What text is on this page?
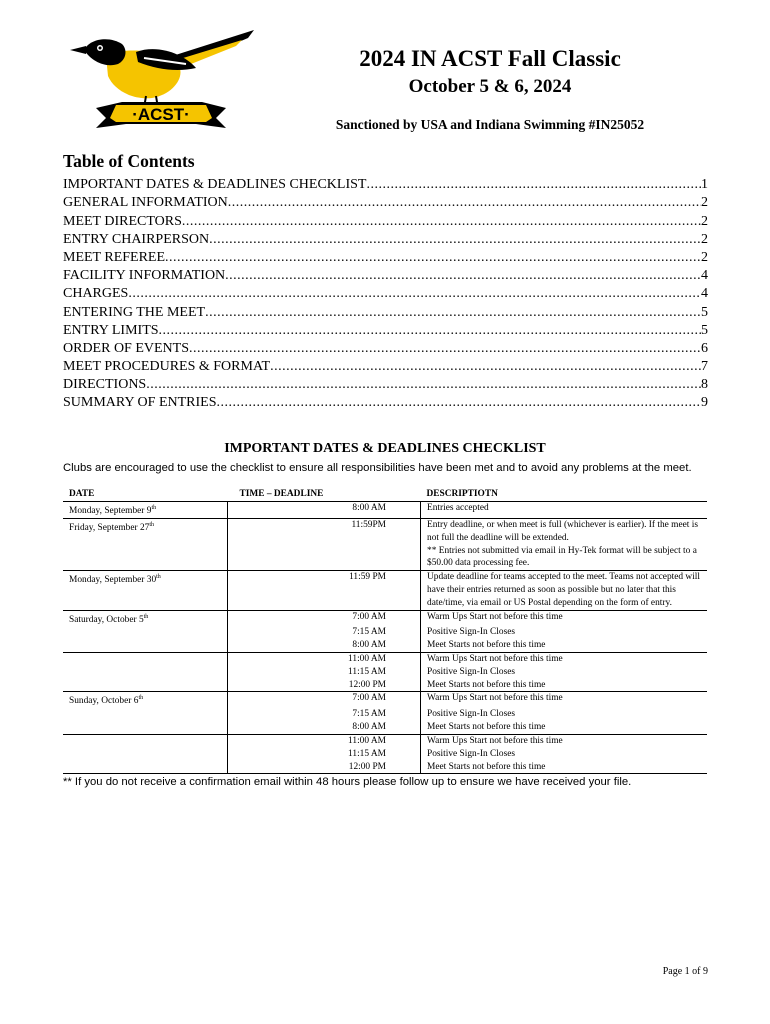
·ACST·
2024 IN ACST Fall Classic
October 5 & 6, 2024

Sanctioned by USA and Indiana Swimming #IN25052

Table of Contents
IMPORTANT DATES & DEADLINES CHECKLIST .....	1
GENERAL INFORMATION .....	2
MEET DIRECTORS .....	2
ENTRY CHAIRPERSON .....	2
MEET REFEREE .....	2
FACILITY INFORMATION .....	4
CHARGES .....	4
ENTERING THE MEET .....	5
ENTRY LIMITS .....	5
ORDER OF EVENTS .....	6
MEET PROCEDURES & FORMAT .....	7
DIRECTIONS .....	8
SUMMARY OF ENTRIES .....	9
IMPORTANT DATES & DEADLINES CHECKLIST

Clubs are encouraged to use the checklist to ensure all responsibilities have been met and to avoid any problems at the meet.

DATE	TIME – DEADLINE	DESCRIPTIOTN
Monday, September 9th	8:00 AM	Entries accepted
Friday, September 27th	11:59PM	Entry deadline, or when meet is full (whichever is earlier). If the meet is not full the deadline will be extended.
** Entries not submitted via email in Hy-Tek format will be subject to a $50.00 data processing fee.
Monday, September 30th	11:59 PM	Update deadline for teams accepted to the meet. Teams not accepted will have their entries returned as soon as possible but no later that this date/time, via email or US Postal depending on the form of entry.
Saturday, October 5th	7:00 AM	Warm Ups Start not before this time
	7:15 AM	Positive Sign-In Closes
	8:00 AM	Meet Starts not before this time
	11:00 AM	Warm Ups Start not before this time
	11:15 AM	Positive Sign-In Closes
	12:00 PM	Meet Starts not before this time
Sunday, October 6th	7:00 AM	Warm Ups Start not before this time
	7:15 AM	Positive Sign-In Closes
	8:00 AM	Meet Starts not before this time
	11:00 AM	Warm Ups Start not before this time
	11:15 AM	Positive Sign-In Closes
	12:00 PM	Meet Starts not before this time

** If you do not receive a confirmation email within 48 hours please follow up to ensure we have received your file.

Page 1 of 9
